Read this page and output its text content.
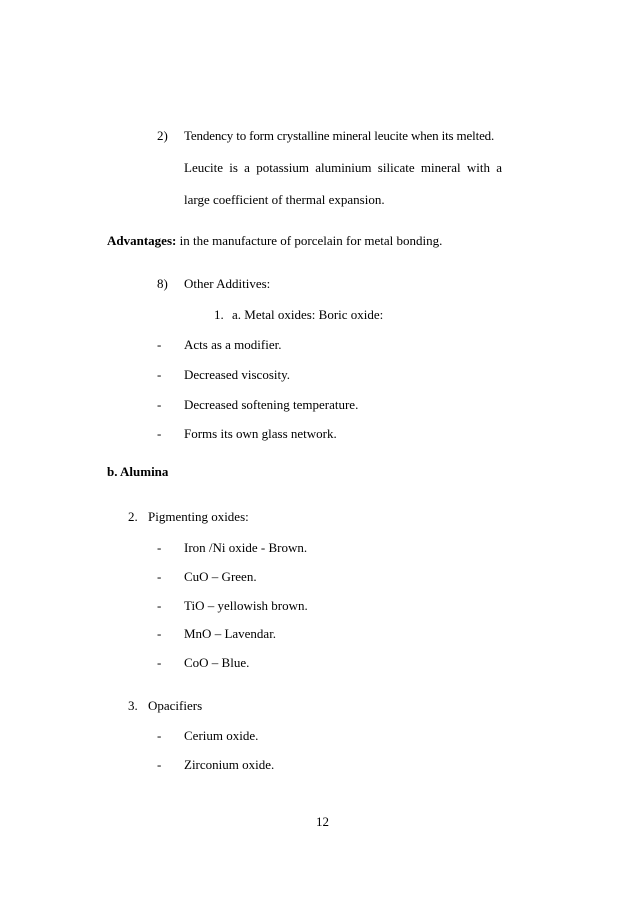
2) Tendency to form crystalline mineral leucite when its melted.
Leucite is a potassium aluminium silicate mineral with a
large coefficient of thermal expansion.
Advantages: in the manufacture of porcelain for metal bonding.
8) Other Additives:
1. a. Metal oxides: Boric oxide:
- Acts as a modifier.
- Decreased viscosity.
- Decreased softening temperature.
- Forms its own glass network.
b. Alumina
2. Pigmenting oxides:
- Iron /Ni oxide - Brown.
- CuO – Green.
- TiO – yellowish brown.
- MnO – Lavendar.
- CoO – Blue.
3. Opacifiers
- Cerium oxide.
- Zirconium oxide.
12
